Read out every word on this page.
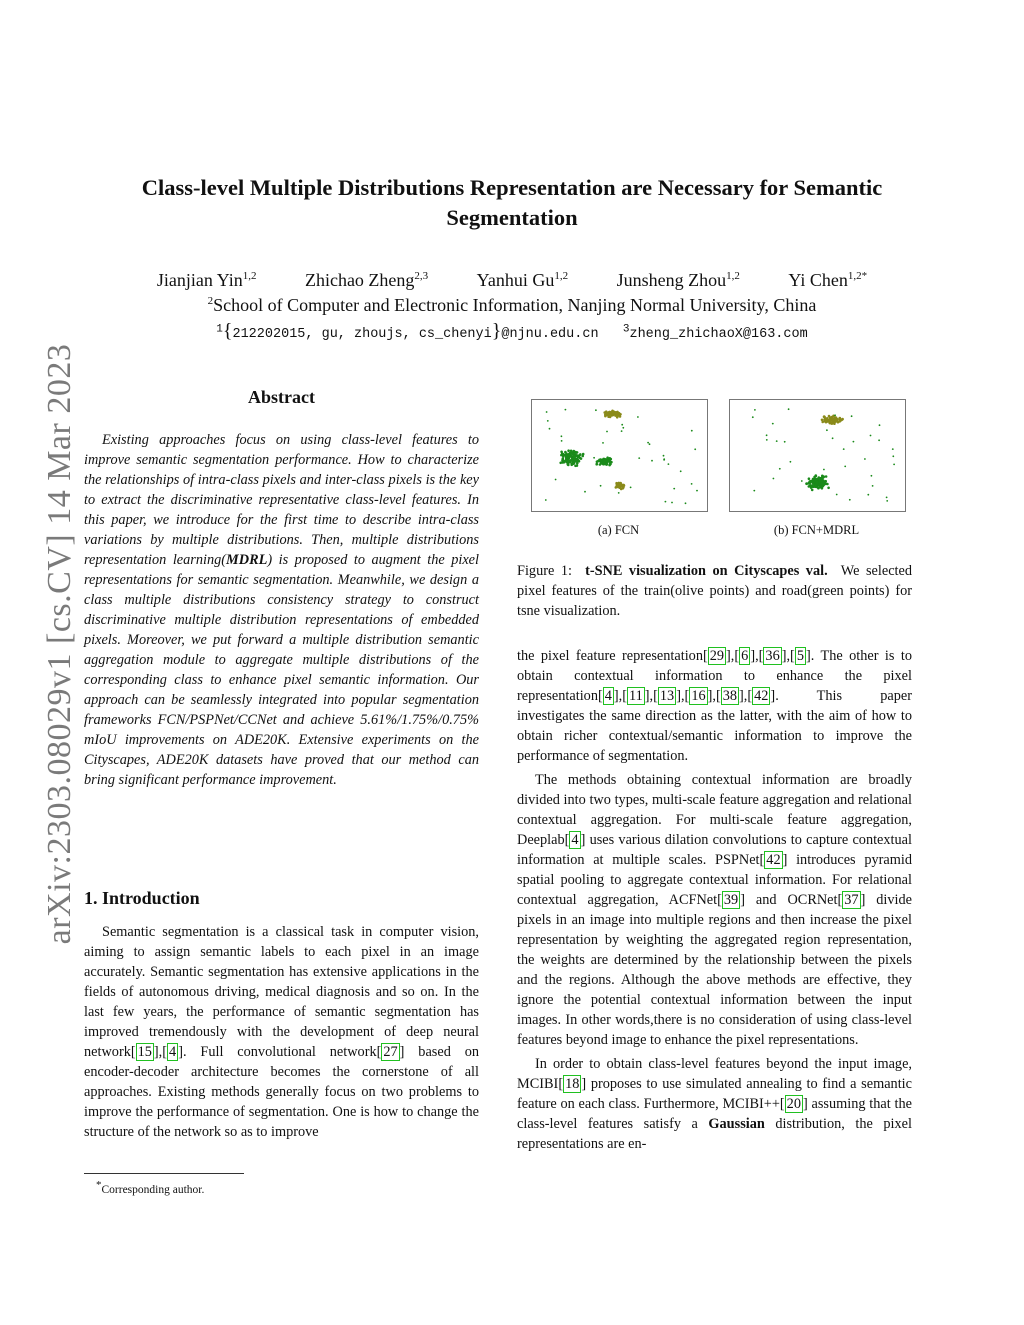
arXiv:2303.08029v1 [cs.CV] 14 Mar 2023
Class-level Multiple Distributions Representation are Necessary for Semantic Segmentation
Jianjian Yin$^{1,2}$	Zhichao Zheng$^{2,3}$	Yanhui Gu$^{1,2}$	Junsheng Zhou$^{1,2}$	Yi Chen$^{1,2*}$
$^2$School of Computer and Electronic Information, Nanjing Normal University, China
$^1${212202015, gu, zhoujs, cs_chenyi}@njnu.edu.cn $^3$zheng_zhichaoX@163.com
Abstract
Existing approaches focus on using class-level features to improve semantic segmentation performance. How to characterize the relationships of intra-class pixels and inter-class pixels is the key to extract the discriminative representative class-level features. In this paper, we introduce for the first time to describe intra-class variations by multiple distributions. Then, multiple distributions representation learning(MDRL) is proposed to augment the pixel representations for semantic segmentation. Meanwhile, we design a class multiple distributions consistency strategy to construct discriminative multiple distribution representations of embedded pixels. Moreover, we put forward a multiple distribution semantic aggregation module to aggregate multiple distributions of the corresponding class to enhance pixel semantic information. Our approach can be seamlessly integrated into popular segmentation frameworks FCN/PSPNet/CCNet and achieve 5.61%/1.75%/0.75% mIoU improvements on ADE20K. Extensive experiments on the Cityscapes, ADE20K datasets have proved that our method can bring significant performance improvement.
1. Introduction

Semantic segmentation is a classical task in computer vision, aiming to assign semantic labels to each pixel in an image accurately. Semantic segmentation has extensive applications in the fields of autonomous driving, medical diagnosis and so on. In the last few years, the performance of semantic segmentation has improved tremendously with the development of deep neural network[ 15 ],[ 4 ]. Full convolutional network[ 27 ] based on encoder-decoder architecture becomes the cornerstone of all approaches. Existing methods generally focus on two problems to improve the performance of segmentation. One is how to change the structure of the network so as to improve

*Corresponding author.
(a) FCN	(b) FCN+MDRL
Figure 1: t-SNE visualization on Cityscapes val. We selected pixel features of the train(olive points) and road(green points) for tsne visualization.

the pixel feature representation[ 29 ],[ 6 ],[ 36 ],[ 5 ]. The other is to obtain contextual information to enhance the pixel representation[ 4 ],[ 11 ],[ 13 ],[ 16 ],[ 38 ],[ 42 ]. This paper investigates the same direction as the latter, with the aim of how to obtain richer contextual/semantic information to improve the performance of segmentation.

The methods obtaining contextual information are broadly divided into two types, multi-scale feature aggregation and relational contextual aggregation. For multi-scale feature aggregation, Deeplab[ 4 ] uses various dilation convolutions to capture contextual information at multiple scales. PSPNet[ 42 ] introduces pyramid spatial pooling to aggregate contextual information. For relational contextual aggregation, ACFNet[ 39 ] and OCRNet[ 37 ] divide pixels in an image into multiple regions and then increase the pixel representation by weighting the aggregated region representation, the weights are determined by the relationship between the pixels and the regions. Although the above methods are effective, they ignore the potential contextual information between the input images. In other words,there is no consideration of using class-level features beyond image to enhance the pixel representations.

In order to obtain class-level features beyond the input image, MCIBI[ 18 ] proposes to use simulated annealing to find a semantic feature on each class. Furthermore, MCIBI++[ 20 ] assuming that the class-level features satisfy a Gaussian distribution, the pixel representations are en-
